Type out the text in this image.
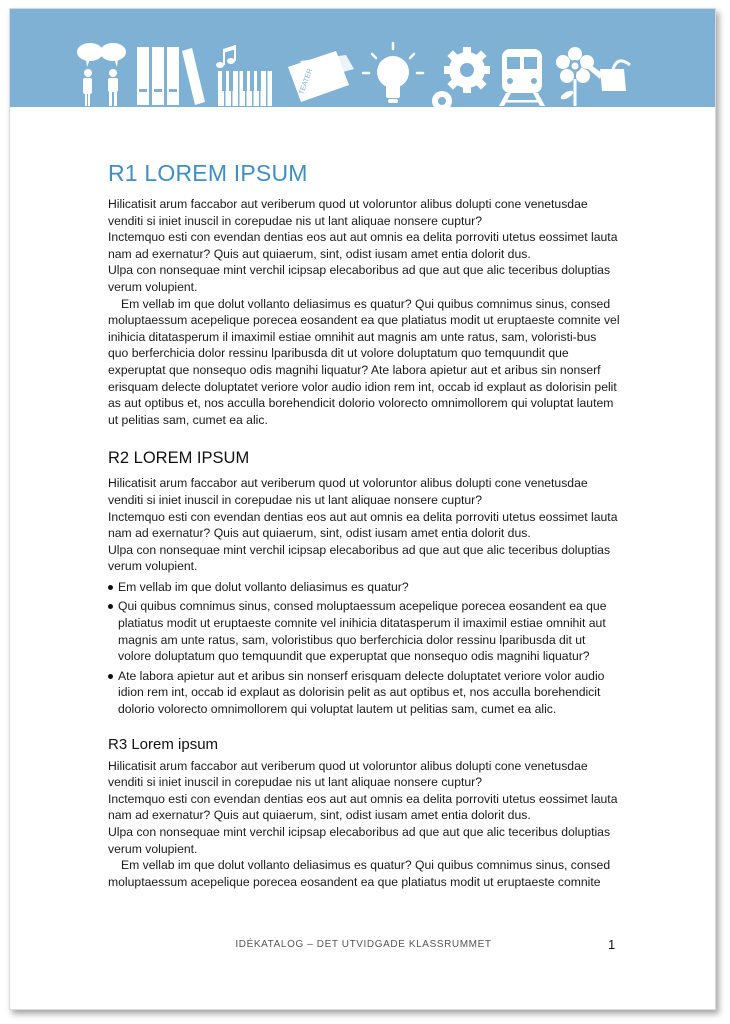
TEATER
R1 LOREM IPSUM

Hilicatisit arum faccabor aut veriberum quod ut voloruntor alibus dolupti cone venetusdae venditi si iniet inuscil in corepudae nis ut lant aliquae nonsere cuptur?

Inctemquo esti con evendan dentias eos aut aut omnis ea delita porroviti utetus eossimet lauta nam ad exernatur? Quis aut quiaerum, sint, odist iusam amet entia dolorit dus.

Ulpa con nonsequae mint verchil icipsap elecaboribus ad que aut que alic teceribus doluptias verum volupient.

Em vellab im que dolut vollanto deliasimus es quatur? Qui quibus comnimus sinus, consed moluptaessum acepelique porecea eosandent ea que platiatus modit ut eruptaeste comnite vel inihicia ditatasperum il imaximil estiae omnihit aut magnis am unte ratus, sam, voloristi-bus quo berferchicia dolor ressinu lparibusda dit ut volore doluptatum quo temquundit que experuptat que nonsequo odis magnihi liquatur? Ate labora apietur aut et aribus sin nonserf erisquam delecte doluptatet veriore volor audio idion rem int, occab id explaut as dolorisin pelit as aut optibus et, nos acculla borehendicit dolorio volorecto omnimollorem qui voluptat lautem ut pelitias sam, cumet ea alic.

R2 LOREM IPSUM

Hilicatisit arum faccabor aut veriberum quod ut voloruntor alibus dolupti cone venetusdae venditi si iniet inuscil in corepudae nis ut lant aliquae nonsere cuptur?

Inctemquo esti con evendan dentias eos aut aut omnis ea delita porroviti utetus eossimet lauta nam ad exernatur? Quis aut quiaerum, sint, odist iusam amet entia dolorit dus.

Ulpa con nonsequae mint verchil icipsap elecaboribus ad que aut que alic teceribus doluptias verum volupient.

Em vellab im que dolut vollanto deliasimus es quatur?
Qui quibus comnimus sinus, consed moluptaessum acepelique porecea eosandent ea que platiatus modit ut eruptaeste comnite vel inihicia ditatasperum il imaximil estiae omnihit aut magnis am unte ratus, sam, voloristibus quo berferchicia dolor ressinu lparibusda dit ut volore doluptatum quo temquundit que experuptat que nonsequo odis magnihi liquatur?
Ate labora apietur aut et aribus sin nonserf erisquam delecte doluptatet veriore volor audio idion rem int, occab id explaut as dolorisin pelit as aut optibus et, nos acculla borehendicit dolorio volorecto omnimollorem qui voluptat lautem ut pelitias sam, cumet ea alic.
R3 Lorem ipsum

Hilicatisit arum faccabor aut veriberum quod ut voloruntor alibus dolupti cone venetusdae venditi si iniet inuscil in corepudae nis ut lant aliquae nonsere cuptur?

Inctemquo esti con evendan dentias eos aut aut omnis ea delita porroviti utetus eossimet lauta nam ad exernatur? Quis aut quiaerum, sint, odist iusam amet entia dolorit dus.

Ulpa con nonsequae mint verchil icipsap elecaboribus ad que aut que alic teceribus doluptias verum volupient.

Em vellab im que dolut vollanto deliasimus es quatur? Qui quibus comnimus sinus, consed moluptaessum acepelique porecea eosandent ea que platiatus modit ut eruptaeste comnite

IDÉKATALOG – DET UTVIDGADE KLASSRUMMET	1
